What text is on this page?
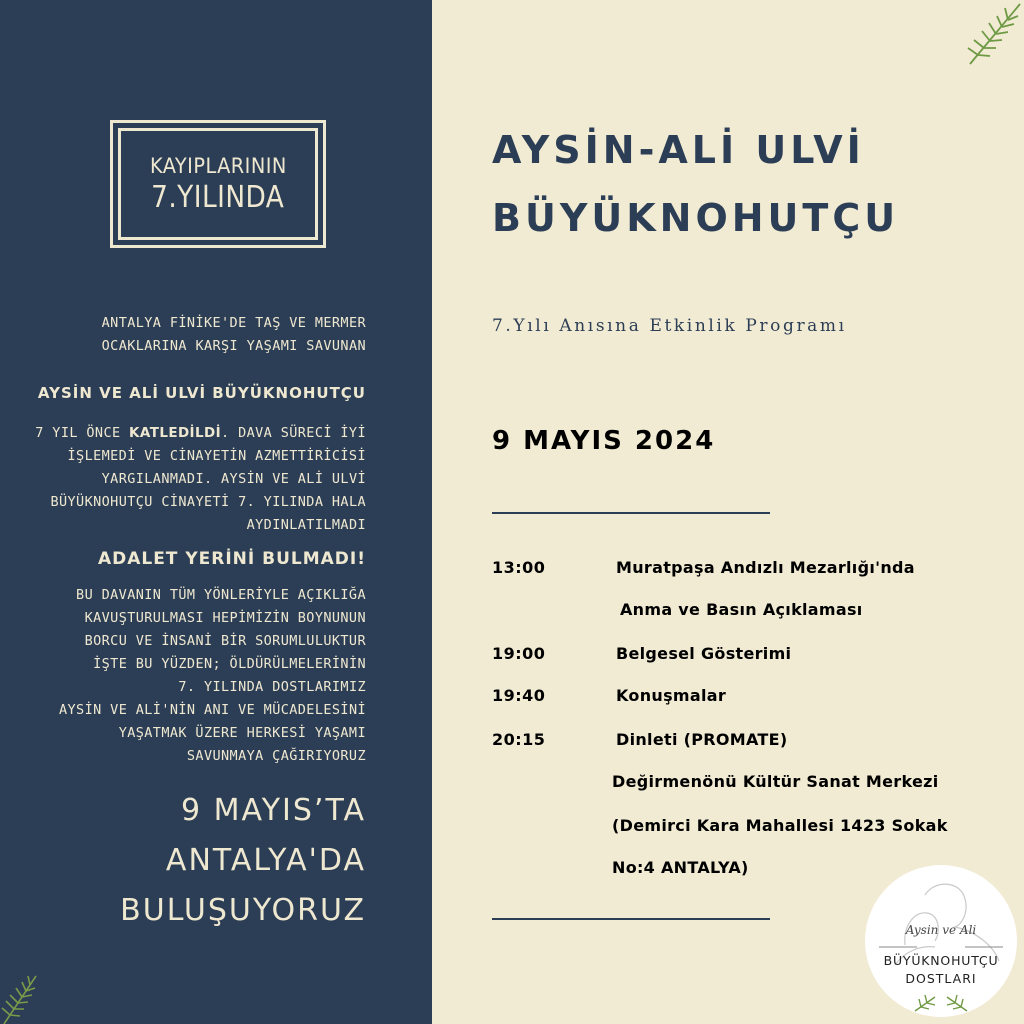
KAYIPLARININ
7.YILINDA
ANTALYA FİNİKE'DE TAŞ VE MERMER
OCAKLARINA KARŞI YAŞAMI SAVUNAN
AYSİN VE ALİ ULVİ BÜYÜKNOHUTÇU
7 YIL ÖNCE KATLEDİLDİ. DAVA SÜRECİ İYİ
İŞLEMEDİ VE CİNAYETİN AZMETTİRİCİSİ
YARGILANMADI. AYSİN VE ALİ ULVİ
BÜYÜKNOHUTÇU CİNAYETİ 7. YILINDA HALA
AYDINLATILMADI
ADALET YERİNİ BULMADI!
BU DAVANIN TÜM YÖNLERİYLE AÇIKLIĞA
KAVUŞTURULMASI HEPİMİZİN BOYNUNUN
BORCU VE İNSANİ BİR SORUMLULUKTUR
İŞTE BU YÜZDEN; ÖLDÜRÜLMELERİNİN
7. YILINDA DOSTLARIMIZ
AYSİN VE ALİ'NİN ANI VE MÜCADELESİNİ
YAŞATMAK ÜZERE HERKESİ YAŞAMI
SAVUNMAYA ÇAĞIRIYORUZ
9 MAYIS’TA
ANTALYA'DA
BULUŞUYORUZ
AYSİN-ALİ ULVİ
BÜYÜKNOHUTÇU
7.Yılı Anısına Etkinlik Programı
9 MAYIS 2024
13:00	Muratpaşa Andızlı Mezarlığı'nda
Anma ve Basın Açıklaması
19:00	Belgesel Gösterimi
19:40	Konuşmalar
20:15	Dinleti (PROMATE)
Değirmenönü Kültür Sanat Merkezi
(Demirci Kara Mahallesi 1423 Sokak
No:4 ANTALYA)
Aysin ve Ali
BÜYÜKNOHUTÇU
DOSTLARI
